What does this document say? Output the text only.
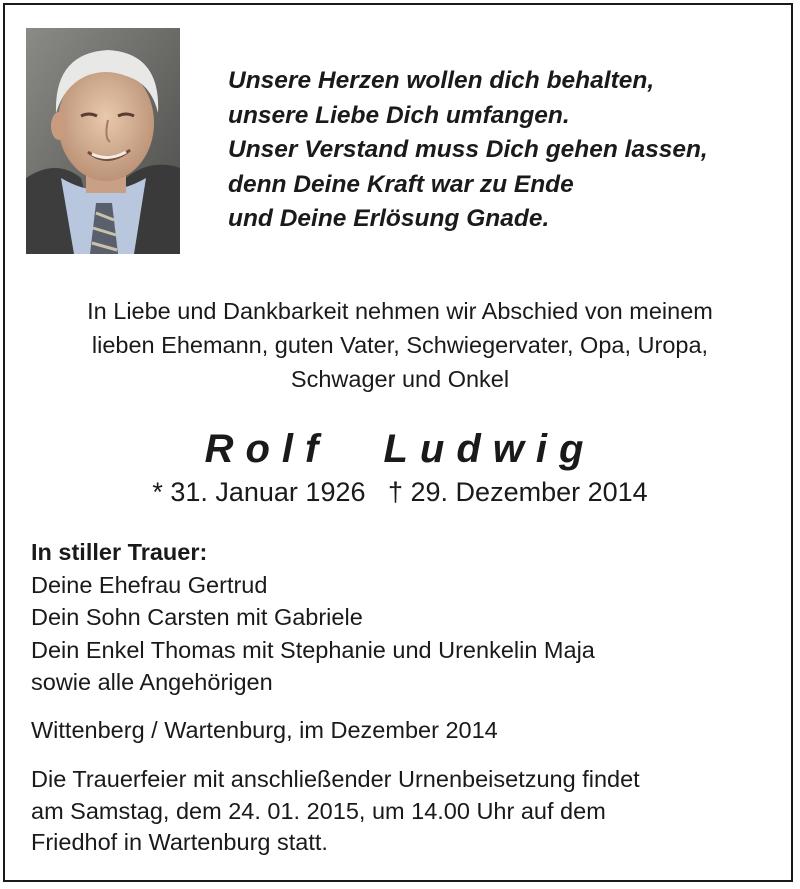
Unsere Herzen wollen dich behalten,
unsere Liebe Dich umfangen.
Unser Verstand muss Dich gehen lassen,
denn Deine Kraft war zu Ende
und Deine Erlösung Gnade.
In Liebe und Dankbarkeit nehmen wir Abschied von meinem
lieben Ehemann, guten Vater, Schwiegervater, Opa, Uropa,
Schwager und Onkel
Rolf Ludwig
* 31. Januar 1926   † 29. Dezember 2014
In stiller Trauer:
Deine Ehefrau Gertrud
Dein Sohn Carsten mit Gabriele
Dein Enkel Thomas mit Stephanie und Urenkelin Maja
sowie alle Angehörigen
Wittenberg / Wartenburg, im Dezember 2014
Die Trauerfeier mit anschließender Urnenbeisetzung findet
am Samstag, dem 24. 01. 2015, um 14.00 Uhr auf dem
Friedhof in Wartenburg statt.
